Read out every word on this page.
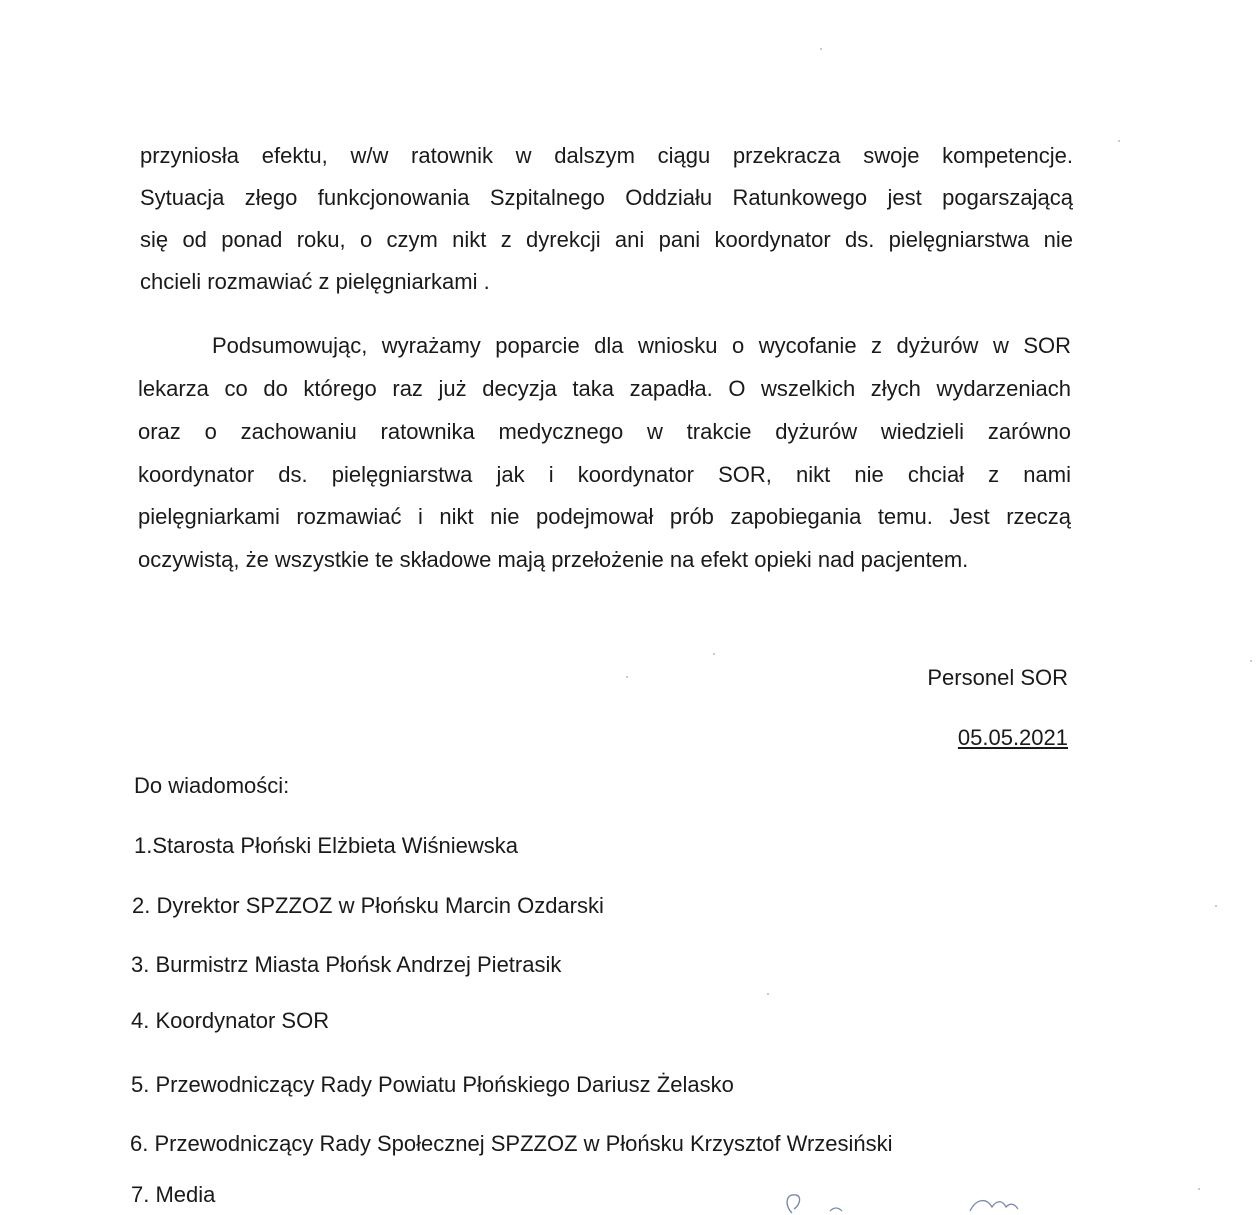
przyniosła efektu, w/w ratownik w dalszym ciągu przekracza swoje kompetencje.
Sytuacja złego funkcjonowania Szpitalnego Oddziału Ratunkowego jest pogarszającą
się od ponad roku, o czym nikt z dyrekcji ani pani koordynator ds. pielęgniarstwa nie
chcieli rozmawiać z pielęgniarkami .
Podsumowując, wyrażamy poparcie dla wniosku o wycofanie z dyżurów w SOR
lekarza co do którego raz już decyzja taka zapadła. O wszelkich złych wydarzeniach
oraz o zachowaniu ratownika medycznego w trakcie dyżurów wiedzieli zarówno
koordynator ds. pielęgniarstwa jak i koordynator SOR, nikt nie chciał z nami
pielęgniarkami rozmawiać i nikt nie podejmował prób zapobiegania temu. Jest rzeczą
oczywistą, że wszystkie te składowe mają przełożenie na efekt opieki nad pacjentem.
Personel SOR
05.05.2021
Do wiadomości:
1.Starosta Płoński Elżbieta Wiśniewska
2. Dyrektor SPZZOZ w Płońsku Marcin Ozdarski
3. Burmistrz Miasta Płońsk Andrzej Pietrasik
4. Koordynator SOR
5. Przewodniczący Rady Powiatu Płońskiego Dariusz Żelasko
6. Przewodniczący Rady Społecznej SPZZOZ w Płońsku Krzysztof Wrzesiński
7. Media
